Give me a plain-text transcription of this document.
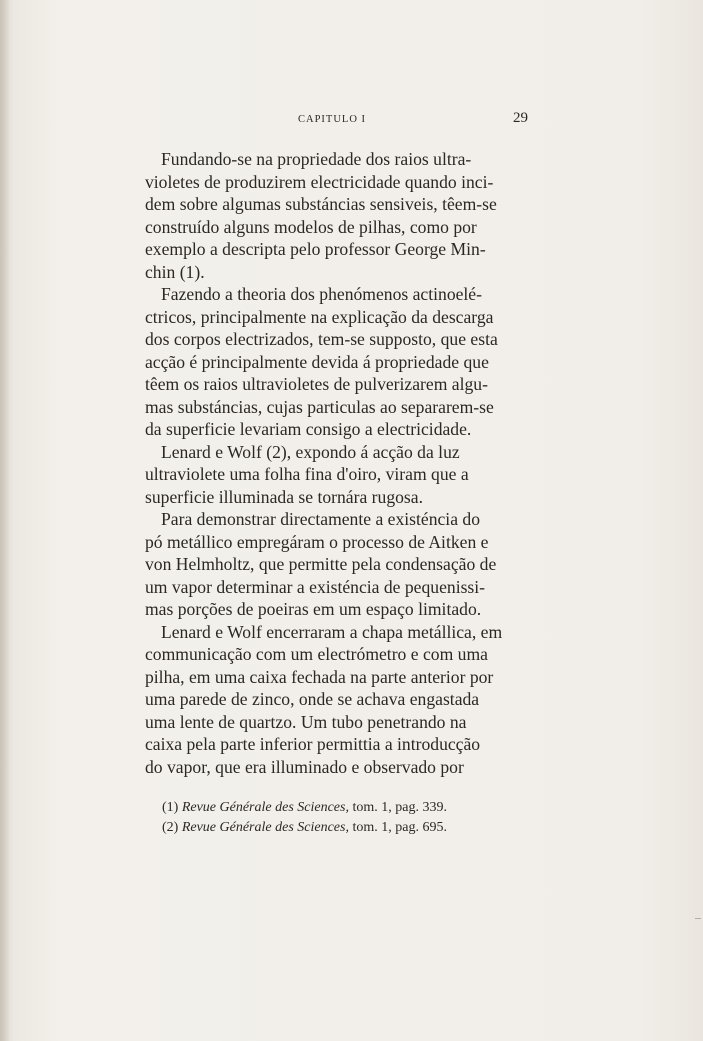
CAPITULO I	29

Fundando-se na propriedade dos raios ultra-
violetes de produzirem electricidade quando inci-
dem sobre algumas substáncias sensiveis, têem-se
construído alguns modelos de pilhas, como por
exemplo a descripta pelo professor George Min-
chin (1).

Fazendo a theoria dos phenómenos actinoelé-
ctricos, principalmente na explicação da descarga
dos corpos electrizados, tem-se supposto, que esta
acção é principalmente devida á propriedade que
têem os raios ultravioletes de pulverizarem algu-
mas substáncias, cujas particulas ao separarem-se
da superficie levariam consigo a electricidade.

Lenard e Wolf (2), expondo á acção da luz
ultraviolete uma folha fina d'oiro, viram que a
superficie illuminada se tornára rugosa.

Para demonstrar directamente a existéncia do
pó metállico empregáram o processo de Aitken e
von Helmholtz, que permitte pela condensação de
um vapor determinar a existéncia de pequenissi-
mas porções de poeiras em um espaço limitado.

Lenard e Wolf encerraram a chapa metállica, em
communicação com um electrómetro e com uma
pilha, em uma caixa fechada na parte anterior por
uma parede de zinco, onde se achava engastada
uma lente de quartzo. Um tubo penetrando na
caixa pela parte inferior permittia a introducção
do vapor, que era illuminado e observado por

(1) Revue Générale des Sciences, tom. 1, pag. 339.
(2) Revue Générale des Sciences, tom. 1, pag. 695.
